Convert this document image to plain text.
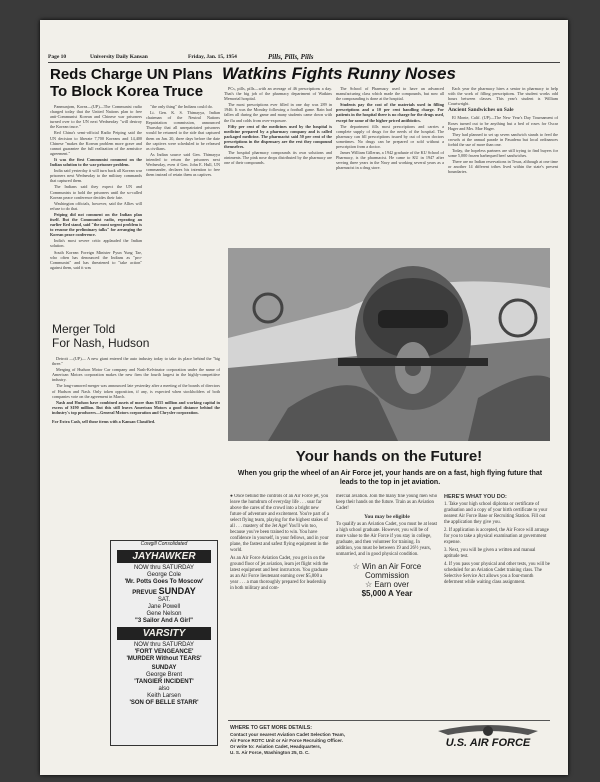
Page 10	University Daily Kansan	Friday, Jan. 15, 1954	Pills, Pills, Pills
Reds Charge UN Plans To Block Korea Truce

Panmunjom, Korea—(UP)—The Communist radio charged today that the United Nations plan to free anti-Communist Korean and Chinese war prisoners turned over to the UN next Wednesday "will destroy the Korean truce."

Red China's semi-official Radio Peiping said the UN decision to liberate 7,700 Koreans and 14,400 Chinese "makes the Korean problem more grave and cannot guarantee the full realization of the armistice agreement."

It was the first Communist comment on the Indian solution to the war prisoner problem.

India said yesterday it will turn back all Korean war prisoners next Wednesday to the military commands that captured them.

The Indians said they expect the UN and Communists to hold the prisoners until the so-called Korean peace conference decides their fate.

Washington officials, however, said the Allies will refuse to do that.

Peiping did not comment on the Indian plan itself. But the Communist radio, repeating an earlier Red stand, said "the most urgent problem is to resume the preliminary talks" for arranging the Korean peace conference.

India's most severe critic applauded the Indian solution.

South Korean Foreign Minister Pyun Yung Tae, who often has denounced the Indians as "pro-Communist" and has threatened to "take action" against them, said it was

"the only thing" the Indians could do.

Lt. Gen. K. S. Thimayya, Indian chairman of the Neutral Nations Repatriation commission, announced Thursday that all unrepatriated prisoners would be returned to the side that captured them on Jan. 20, three days before the date the captives were scheduled to be released as civilians.

As Indian source said Gen. Thimayya intended to return the prisoners next Wednesday, even if Gen. John E. Hull, UN commander, declares his intention to free them instead of retain them as captives.

Watkins Fights Runny Noses

PCs, pills, pills—with an average of 46 prescriptions a day. That's the big job of the pharmacy department of Watkins Memorial hospital.

The most prescriptions ever filled in one day was 289 in 1946. It was the Monday following a football game. Rain had fallen all during the game and many students came down with the flu and colds from over-exposure.

Fifty per cent of the medicines used by the hospital is medicine prepared by a pharmacy company and is called packaged medicine. The pharmacist said 50 per cent of the prescriptions in the dispensary are the rest they compound themselves.

The hospital pharmacy compounds its own solutions and ointments. The pink nose drops distributed by the pharmacy are one of their compounds.

The School of Pharmacy used to have an advanced manufacturing class which made the compounds, but now all the compounding is done at the hospital.

Students pay the cost of the materials used in filling prescriptions and a 10 per cent handling charge. For patients in the hospital there is no charge for the drugs used, except for some of the higher priced antibiotics.

The department fills most prescriptions and carries a complete supply of drugs for the needs of the hospital. The pharmacy can fill prescriptions issued by out of town doctors sometimes. No drugs can be prepared or sold without a prescription from a doctor.

James William Gilleran, a 1942 graduate of the KU School of Pharmacy, is the pharmacist. He came to KU in 1947 after serving three years in the Navy and working several years as a pharmacist in a drug store.

Each year the pharmacy hires a senior in pharmacy to help with the work of filling prescriptions. The student works odd hours between classes. This year's student is William Courtwright.

Ancient Sandwiches on Sale

El Monte, Calif. (UP)—The New Year's Day Tournament of Roses turned out to be anything but a bed of roses for Oscar Hager and Mrs. Mae Hager.

They had planned to set up seven sandwich stands to feed the crowds at the annual parade in Pasadena but local ordinances forbid the use of more than one.

Today, the hopeless partners are still trying to find buyers for some 5,000 frozen barbequed beef sandwiches.

There are no Indian reservations in Texas, although at one time or another 14 different tribes lived within the state's present boundaries.

Merger Told
For Nash, Hudson

Detroit —(UP)— A new giant entered the auto industry today to take its place behind the "big three."

Merging of Hudson Motor Car company and Nash-Kelvinator corporation under the name of American Motors corporation makes the new firm the fourth largest in the highly-competitive industry.

The long-rumored merger was announced late yesterday after a meeting of the boards of directors of Hudson and Nash. Only token opposition, if any, is expected when stockholders of both companies vote on the agreement in March.

Nash and Hudson have combined assets of more than $355 million and working capital in excess of $190 million. But this still leaves American Motors a good distance behind the industry's top producers—General Motors corporation and Chrysler corporation.

For Extra Cash, sell those items with a Kansan Classified.

Your hands on the Future!
When you grip the wheel of an Air Force jet, your hands are on a fast, high flying future that leads to the top in jet aviation.
Cowgill Consolidated
JAYHAWKER
NOW thru SATURDAY
George Cole
'Mr. Potts Goes To Moscow'
PREVUE SUNDAY
SAT.
Jane Powell
Gene Nelson
"3 Sailor And A Girl"
VARSITY
NOW thru SATURDAY
'FORT VENGEANCE'
'MURDER Without TEARS'
SUNDAY
George Brent
'TANGIER INCIDENT'
also
Keith Larsen
'SON OF BELLE STARR'

● Once behind the controls of an Air Force jet, you leave the humdrum of everyday life . . . soar far above the cares of the crowd into a bright new future of adventure and excitement. You're part of a select flying team, playing for the highest stakes of all . . . mastery of the Jet Age! You'll win too, because you've been trained to win. You have confidence in yourself, in your fellows, and in your plane, the fastest and safest flying equipment in the world.

As an Air Force Aviation Cadet, you get in on the ground floor of jet aviation, learn jet flight with the latest equipment and best instructors. You graduate as an Air Force lieutenant earning over $5,000 a year . . . a man thoroughly prepared for leadership in both military and com-

mercial aviation. Join the many fine young men who keep their hands on the future. Train as an Aviation Cadet!

You may be eligible

To qualify as an Aviation Cadet, you must be at least a high school graduate. However, you will be of more value to the Air Force if you stay in college, graduate, and then volunteer for training. In addition, you must be between 19 and 26½ years, unmarried, and in good physical condition.

☆ Win an Air Force
Commission
☆ Earn over
$5,000 A Year

HERE'S WHAT YOU DO:

1. Take your high school diploma or certificate of graduation and a copy of your birth certificate to your nearest Air Force Base or Recruiting Station. Fill out the application they give you.

2. If application is accepted, the Air Force will arrange for you to take a physical examination at government expense.

3. Next, you will be given a written and manual aptitude test.

4. If you pass your physical and other tests, you will be scheduled for an Aviation Cadet training class. The Selective Service Act allows you a four-month deferment while waiting class assignment.

WHERE TO GET MORE DETAILS:

Contact your nearest Aviation Cadet Selection Team,
Air Force ROTC Unit or Air Force Recruiting Officer.
Or write to: Aviation Cadet, Headquarters,
U. S. Air Force, Washington 25, D. C.
U.S. AIR FORCE
